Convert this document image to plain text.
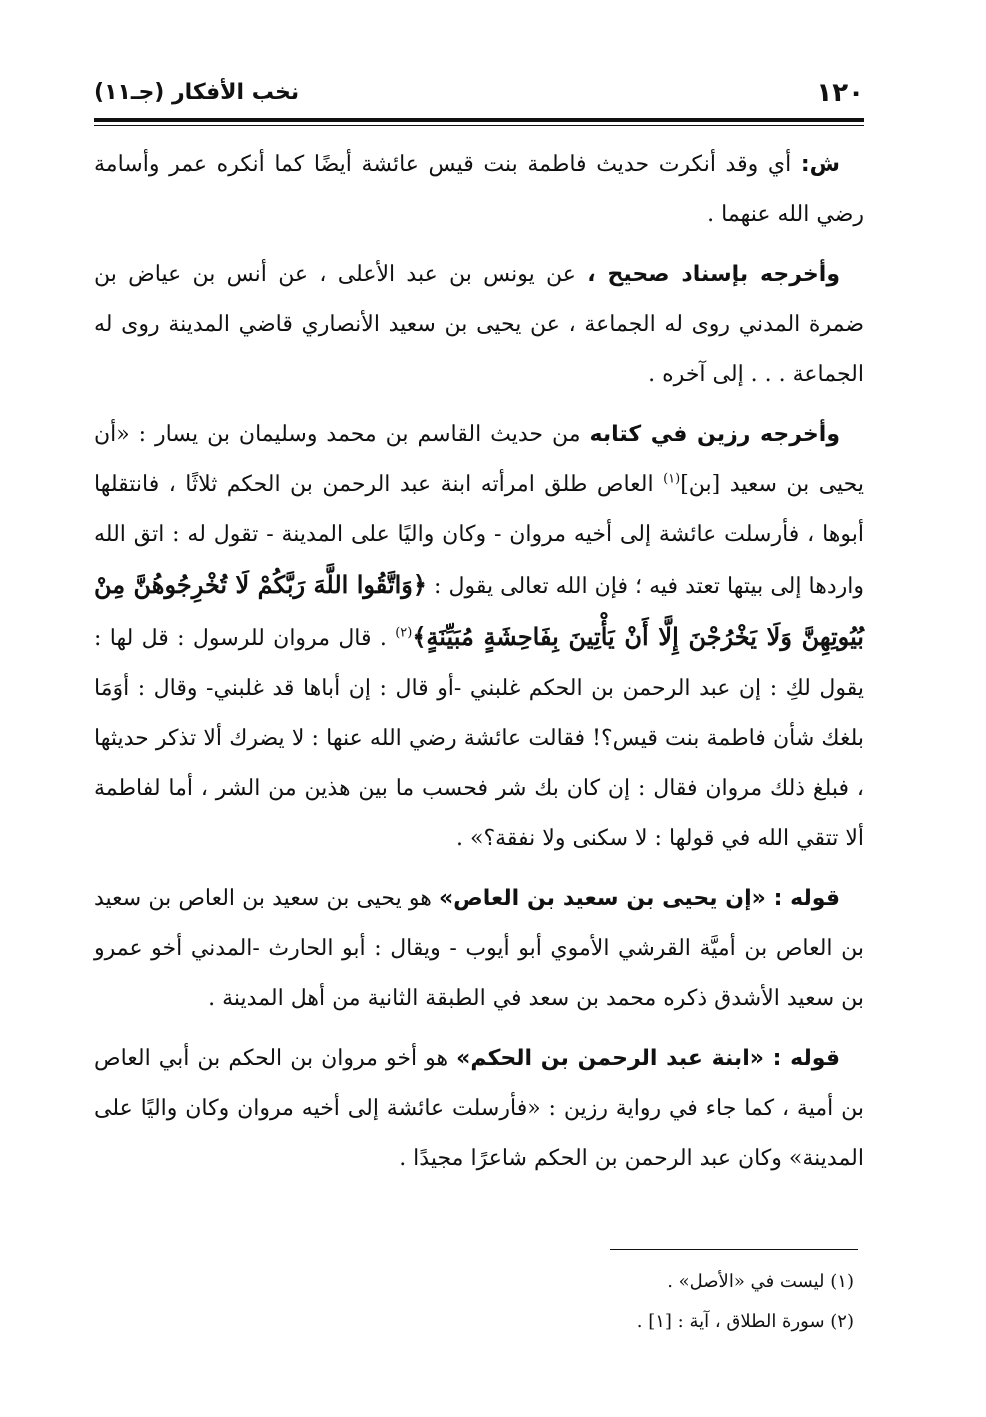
١٢٠
نخب الأفكار (جـ١١)

ش: أي وقد أنكرت حديث فاطمة بنت قيس عائشة أيضًا كما أنكره عمر وأسامة رضي الله عنهما .

وأخرجه بإسناد صحيح ، عن يونس بن عبد الأعلى ، عن أنس بن عياض بن ضمرة المدني روى له الجماعة ، عن يحيى بن سعيد الأنصاري قاضي المدينة روى له الجماعة . . . إلى آخره .

وأخرجه رزين في كتابه من حديث القاسم بن محمد وسليمان بن يسار : «أن يحيى بن سعيد [بن]$^{(١)}$ العاص طلق امرأته ابنة عبد الرحمن بن الحكم ثلاثًا ، فانتقلها أبوها ، فأرسلت عائشة إلى أخيه مروان - وكان واليًا على المدينة - تقول له : اتق الله واردها إلى بيتها تعتد فيه ؛ فإن الله تعالى يقول : ﴿وَاتَّقُوا اللَّهَ رَبَّكُمْ لَا تُخْرِجُوهُنَّ مِنْ بُيُوتِهِنَّ وَلَا يَخْرُجْنَ إِلَّا أَنْ يَأْتِينَ بِفَاحِشَةٍ مُبَيِّنَةٍ﴾$^{(٢)}$ . قال مروان للرسول : قل لها : يقول لكِ : إن عبد الرحمن بن الحكم غلبني -أو قال : إن أباها قد غلبني- وقال : أوَمَا بلغك شأن فاطمة بنت قيس؟! فقالت عائشة رضي الله عنها : لا يضرك ألا تذكر حديثها ، فبلغ ذلك مروان فقال : إن كان بك شر فحسب ما بين هذين من الشر ، أما لفاطمة ألا تتقي الله في قولها : لا سكنى ولا نفقة؟» .

قوله : «إن يحيى بن سعيد بن العاص» هو يحيى بن سعيد بن العاص بن سعيد بن العاص بن أميَّة القرشي الأموي أبو أيوب - ويقال : أبو الحارث -المدني أخو عمرو بن سعيد الأشدق ذكره محمد بن سعد في الطبقة الثانية من أهل المدينة .

قوله : «ابنة عبد الرحمن بن الحكم» هو أخو مروان بن الحكم بن أبي العاص بن أمية ، كما جاء في رواية رزين : «فأرسلت عائشة إلى أخيه مروان وكان واليًا على المدينة» وكان عبد الرحمن بن الحكم شاعرًا مجيدًا .

(١) ليست في «الأصل» .
(٢) سورة الطلاق ، آية : [١] .
